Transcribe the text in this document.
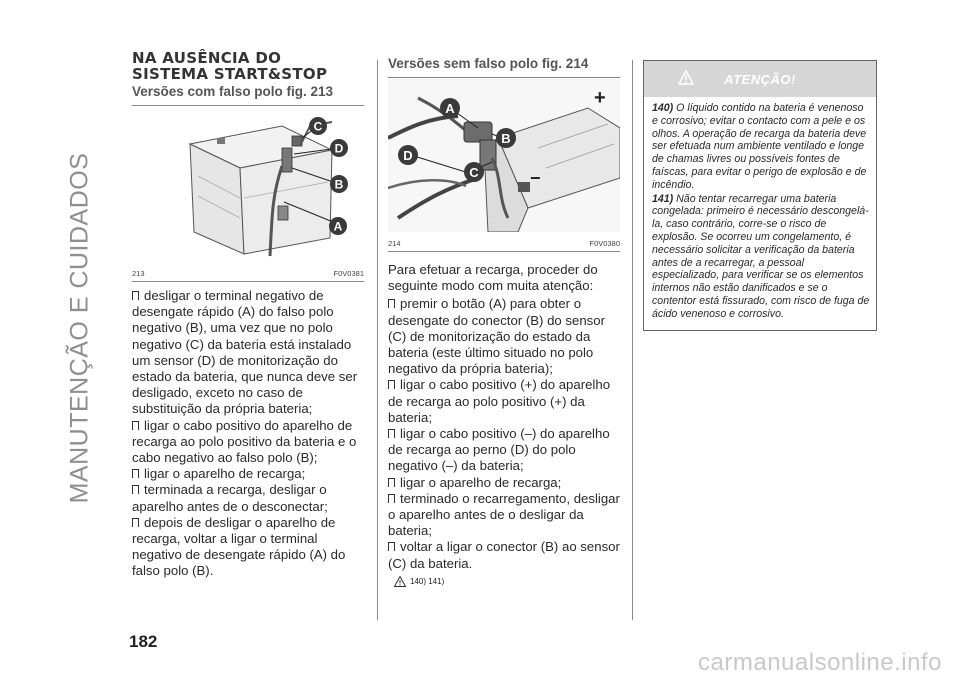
MANUTENÇÃO E CUIDADOS
NA AUSÊNCIA DO
SISTEMA START&STOP
Versões com falso polo fig. 213
C
D
B
A
213	F0V0381
desligar o terminal negativo de desengate rápido (A) do falso polo negativo (B), uma vez que no polo negativo (C) da bateria está instalado um sensor (D) de monitorização do estado da bateria, que nunca deve ser desligado, exceto no caso de substituição da própria bateria;
ligar o cabo positivo do aparelho de recarga ao polo positivo da bateria e o cabo negativo ao falso polo (B);
ligar o aparelho de recarga;
terminada a recarga, desligar o aparelho antes de o desconectar;
depois de desligar o aparelho de recarga, voltar a ligar o terminal negativo de desengate rápido (A) do falso polo (B).
Versões sem falso polo fig. 214
+
−
A
B
D
C
214	F0V0380

Para efetuar a recarga, proceder do seguinte modo com muita atenção:

premir o botão (A) para obter o desengate do conector (B) do sensor (C) de monitorização do estado da bateria (este último situado no polo negativo da própria bateria);
ligar o cabo positivo (+) do aparelho de recarga ao polo positivo (+) da bateria;
ligar o cabo positivo (–) do aparelho de recarga ao perno (D) do polo negativo (–) da bateria;
ligar o aparelho de recarga;
terminado o recarregamento, desligar o aparelho antes de o desligar da bateria;
voltar a ligar o conector (B) ao sensor (C) da bateria.
140) 141)
ATENÇÃO!

140) O líquido contido na bateria é venenoso e corrosivo; evitar o contacto com a pele e os olhos. A operação de recarga da bateria deve ser efetuada num ambiente ventilado e longe de chamas livres ou possíveis fontes de faíscas, para evitar o perigo de explosão e de incêndio.

141) Não tentar recarregar uma bateria congelada: primeiro é necessário descongelá-la, caso contrário, corre-se o risco de explosão. Se ocorreu um congelamento, é necessário solicitar a verificação da bateria antes de a recarregar, a pessoal especializado, para verificar se os elementos internos não estão danificados e se o contentor está fissurado, com risco de fuga de ácido venenoso e corrosivo.

182
carmanualsonline.info
